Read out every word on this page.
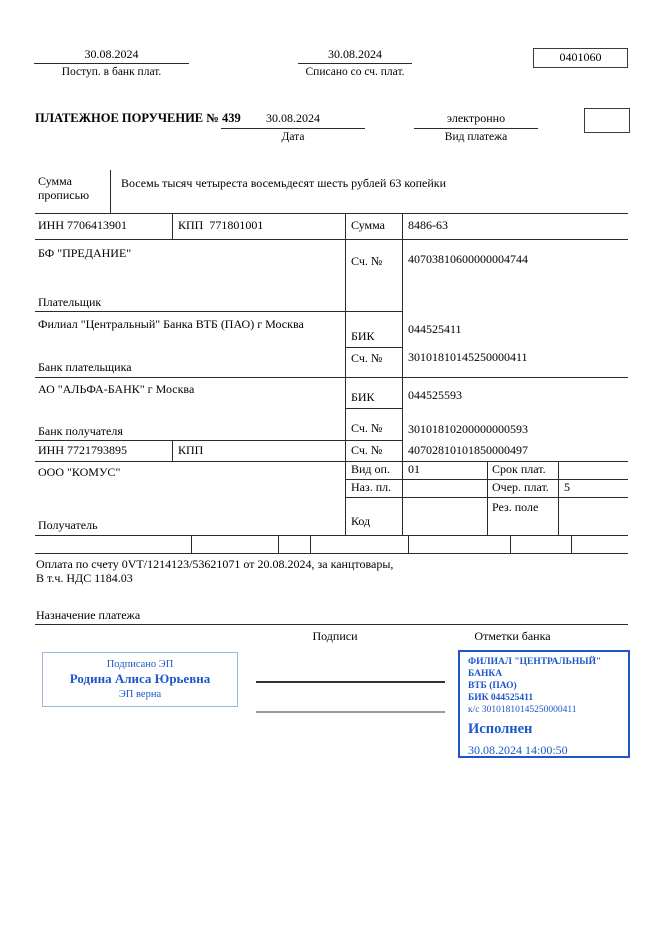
30.08.2024
Поступ. в банк плат.
30.08.2024
Списано со сч. плат.
0401060
ПЛАТЕЖНОЕ ПОРУЧЕНИЕ № 439	30.08.2024
Дата
электронно
Вид платежа
Сумма прописью
Восемь тысяч четыреста восемьдесят шесть рублей 63 копейки
ИНН 7706413901	КПП  771801001	Сумма 8486-63
БФ "ПРЕДАНИЕ"
Сч. № 40703810600000004744
Плательщик
Филиал "Центральный" Банка ВТБ (ПАО) г Москва
БИК	044525411
Сч. № 30101810145250000411
Банк плательщика
АО "АЛЬФА-БАНК" г Москва
БИК	044525593
Сч. № 30101810200000000593
Банк получателя
ИНН 7721793895	КПП	Сч. № 40702810101850000497
ООО "КОМУС"
Получатель
Вид оп. 01	Срок плат.
Наз. пл.	Очер. плат. 5
Код
Рез. поле
Оплата по счету 0VT/1214123/53621071 от 20.08.2024, за канцтовары,
В т.ч. НДС 1184.03
Назначение платежа
Подписи	Отметки банка
Подписано ЭП
Родина Алиса Юрьевна
ЭП верна
ФИЛИАЛ "ЦЕНТРАЛЬНЫЙ" БАНКА
ВТБ (ПАО)
БИК 044525411
к/с 30101810145250000411
Исполнен
30.08.2024 14:00:50
